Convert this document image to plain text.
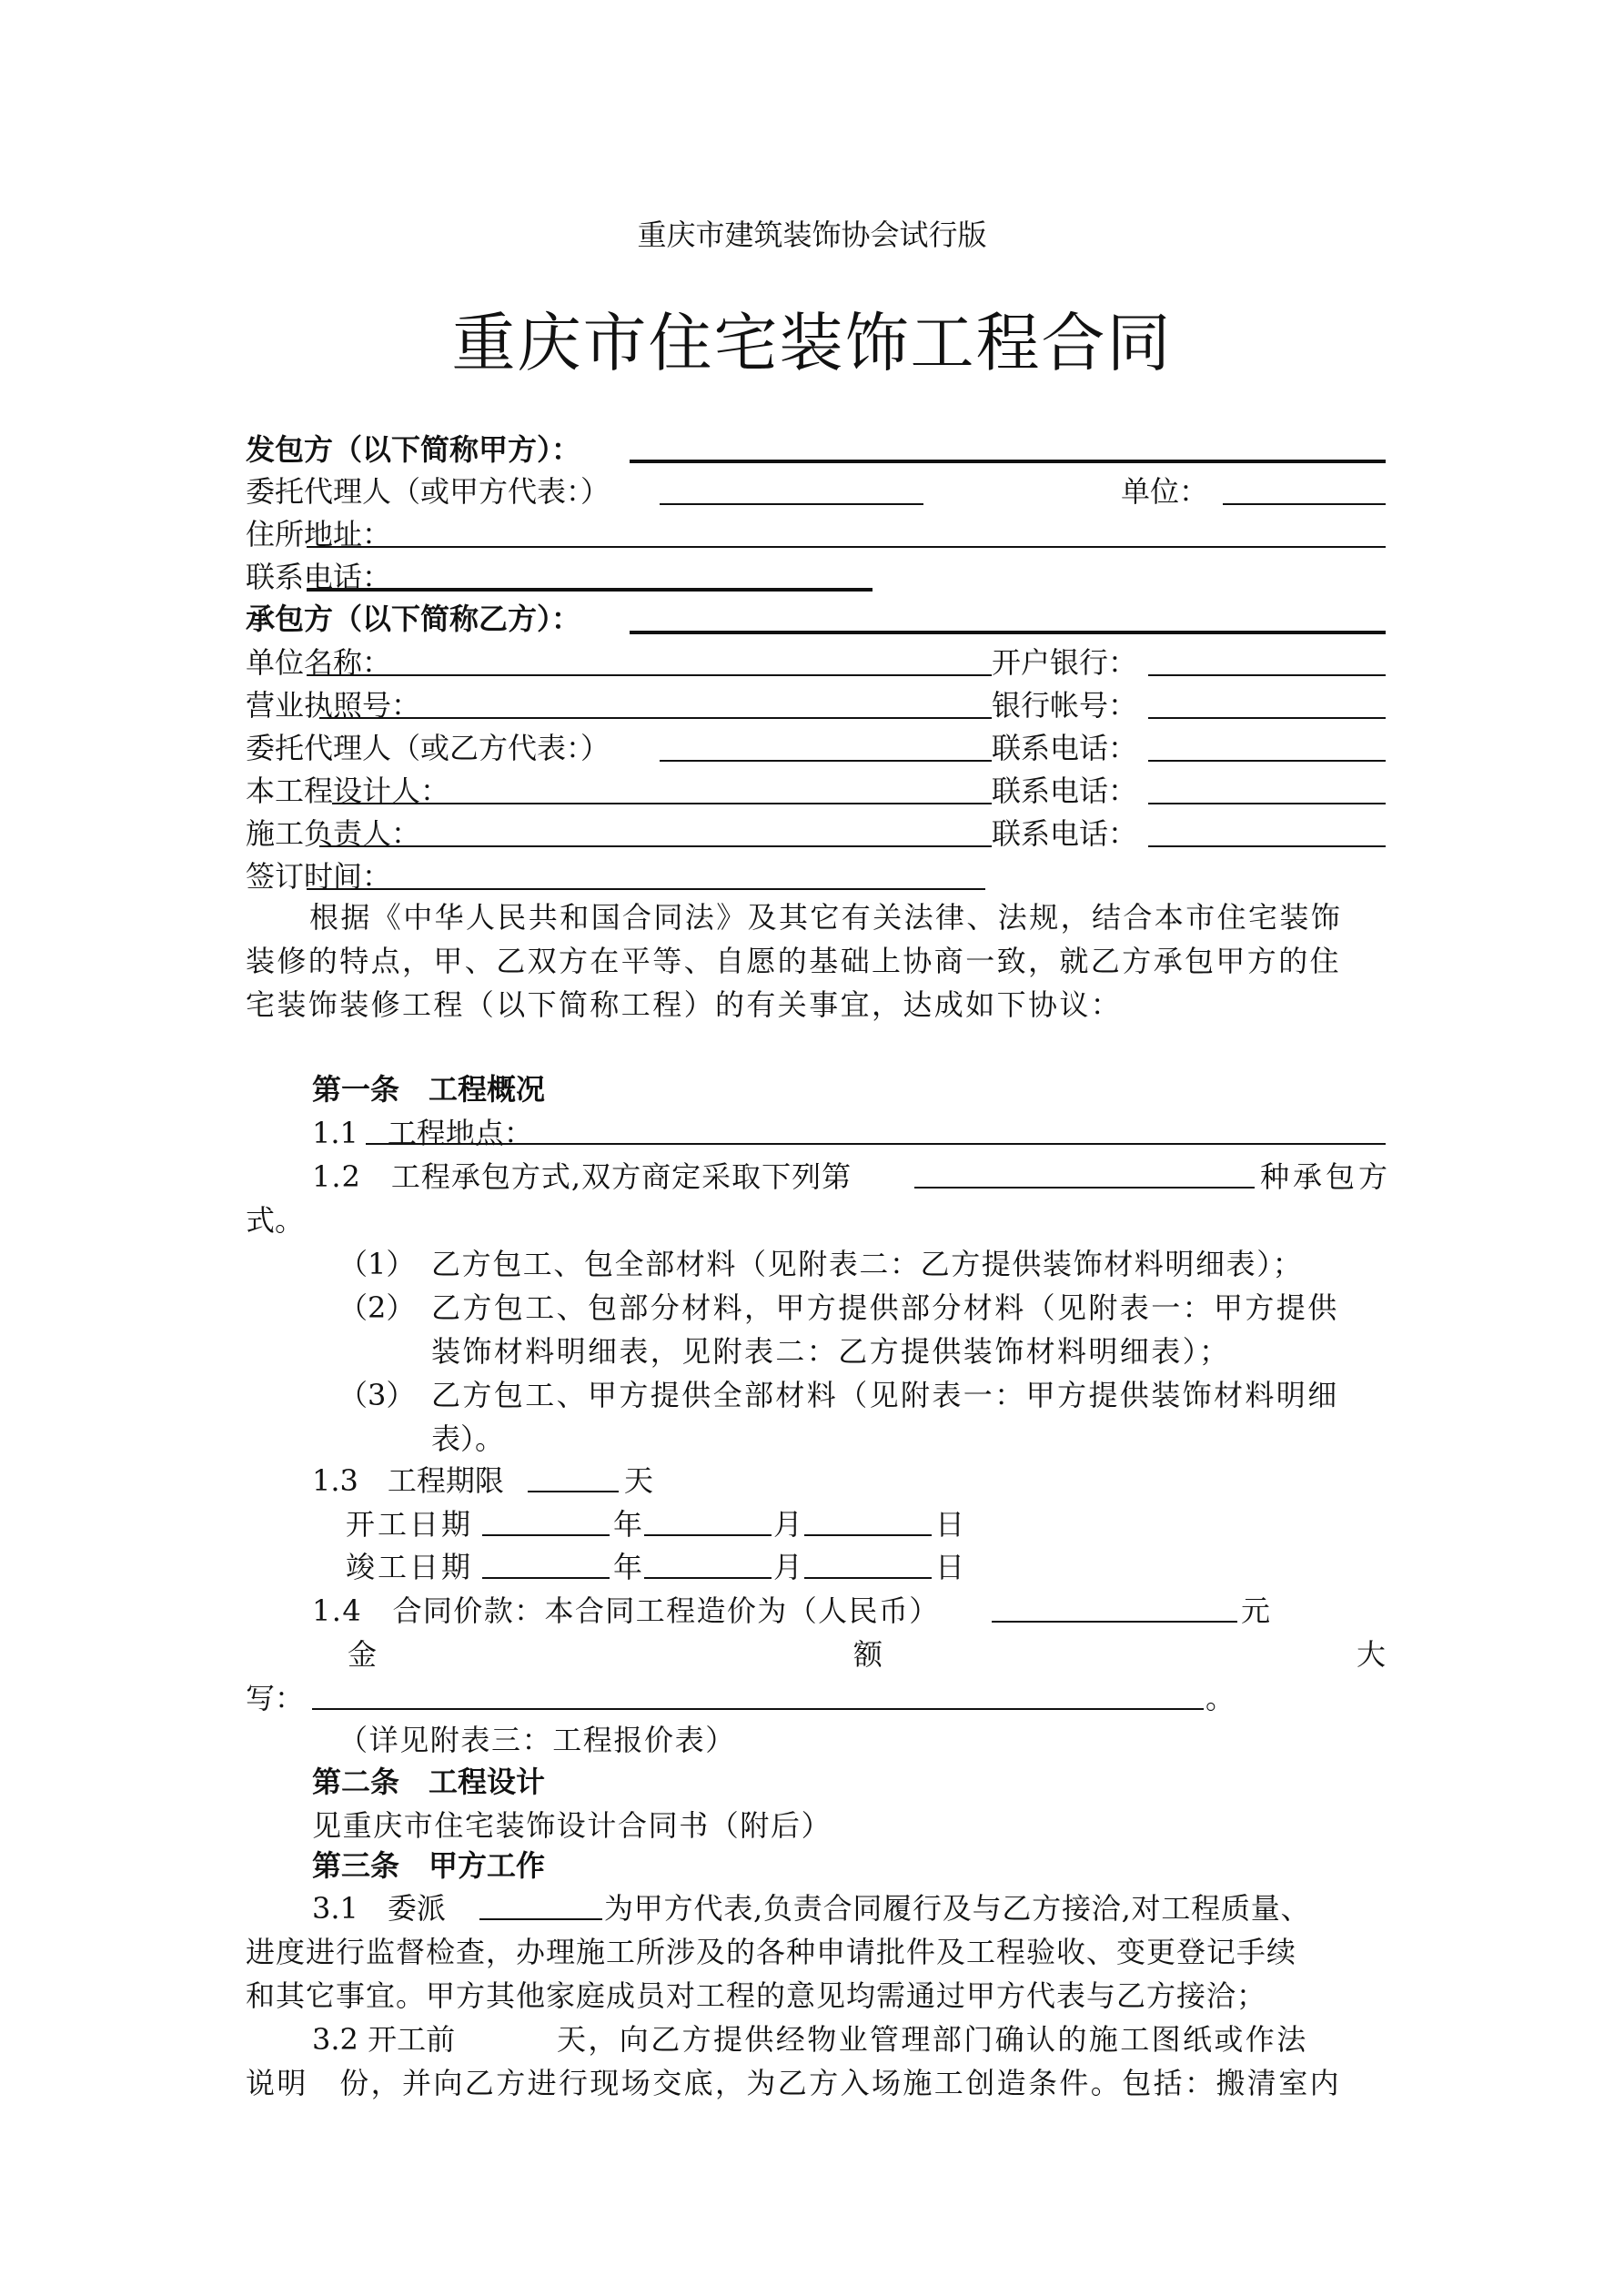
重庆市建筑装饰协会试行版
重庆市住宅装饰工程合同
发包方（以下简称甲方）：
委托代理人（或甲方代表：）	单位：
住所地址：
联系电话：
承包方（以下简称乙方）：
单位名称：	开户银行：
营业执照号：	银行帐号：
委托代理人（或乙方代表：）	联系电话：
本工程设计人：	联系电话：
施工负责人：	联系电话：
签订时间：
根据《中华人民共和国合同法》及其它有关法律、法规，结合本市住宅装饰
装修的特点，甲、乙双方在平等、自愿的基础上协商一致，就乙方承包甲方的住
宅装饰装修工程（以下简称工程）的有关事宜，达成如下协议：
第一条　工程概况
1.1　工程地点：
1.2　工程承包方式,双方商定采取下列第	种承包方
式。
（1） 乙方包工、包全部材料（见附表二：乙方提供装饰材料明细表）；
（2） 乙方包工、包部分材料，甲方提供部分材料（见附表一：甲方提供
装饰材料明细表，见附表二：乙方提供装饰材料明细表）；
（3） 乙方包工、甲方提供全部材料（见附表一：甲方提供装饰材料明细
表）。
1.3　工程期限	天
开工日期	年	月	日
竣工日期	年	月	日
1.4　合同价款：本合同工程造价为（人民币）	元
金	额	大
写：	。
（详见附表三：工程报价表）
第二条　工程设计
见重庆市住宅装饰设计合同书（附后）
第三条　甲方工作
3.1　委派	为甲方代表,负责合同履行及与乙方接洽,对工程质量、
进度进行监督检查，办理施工所涉及的各种申请批件及工程验收、变更登记手续
和其它事宜。甲方其他家庭成员对工程的意见均需通过甲方代表与乙方接洽；
3.2 开工前	天，向乙方提供经物业管理部门确认的施工图纸或作法
说明　份，并向乙方进行现场交底，为乙方入场施工创造条件。包括：搬清室内
